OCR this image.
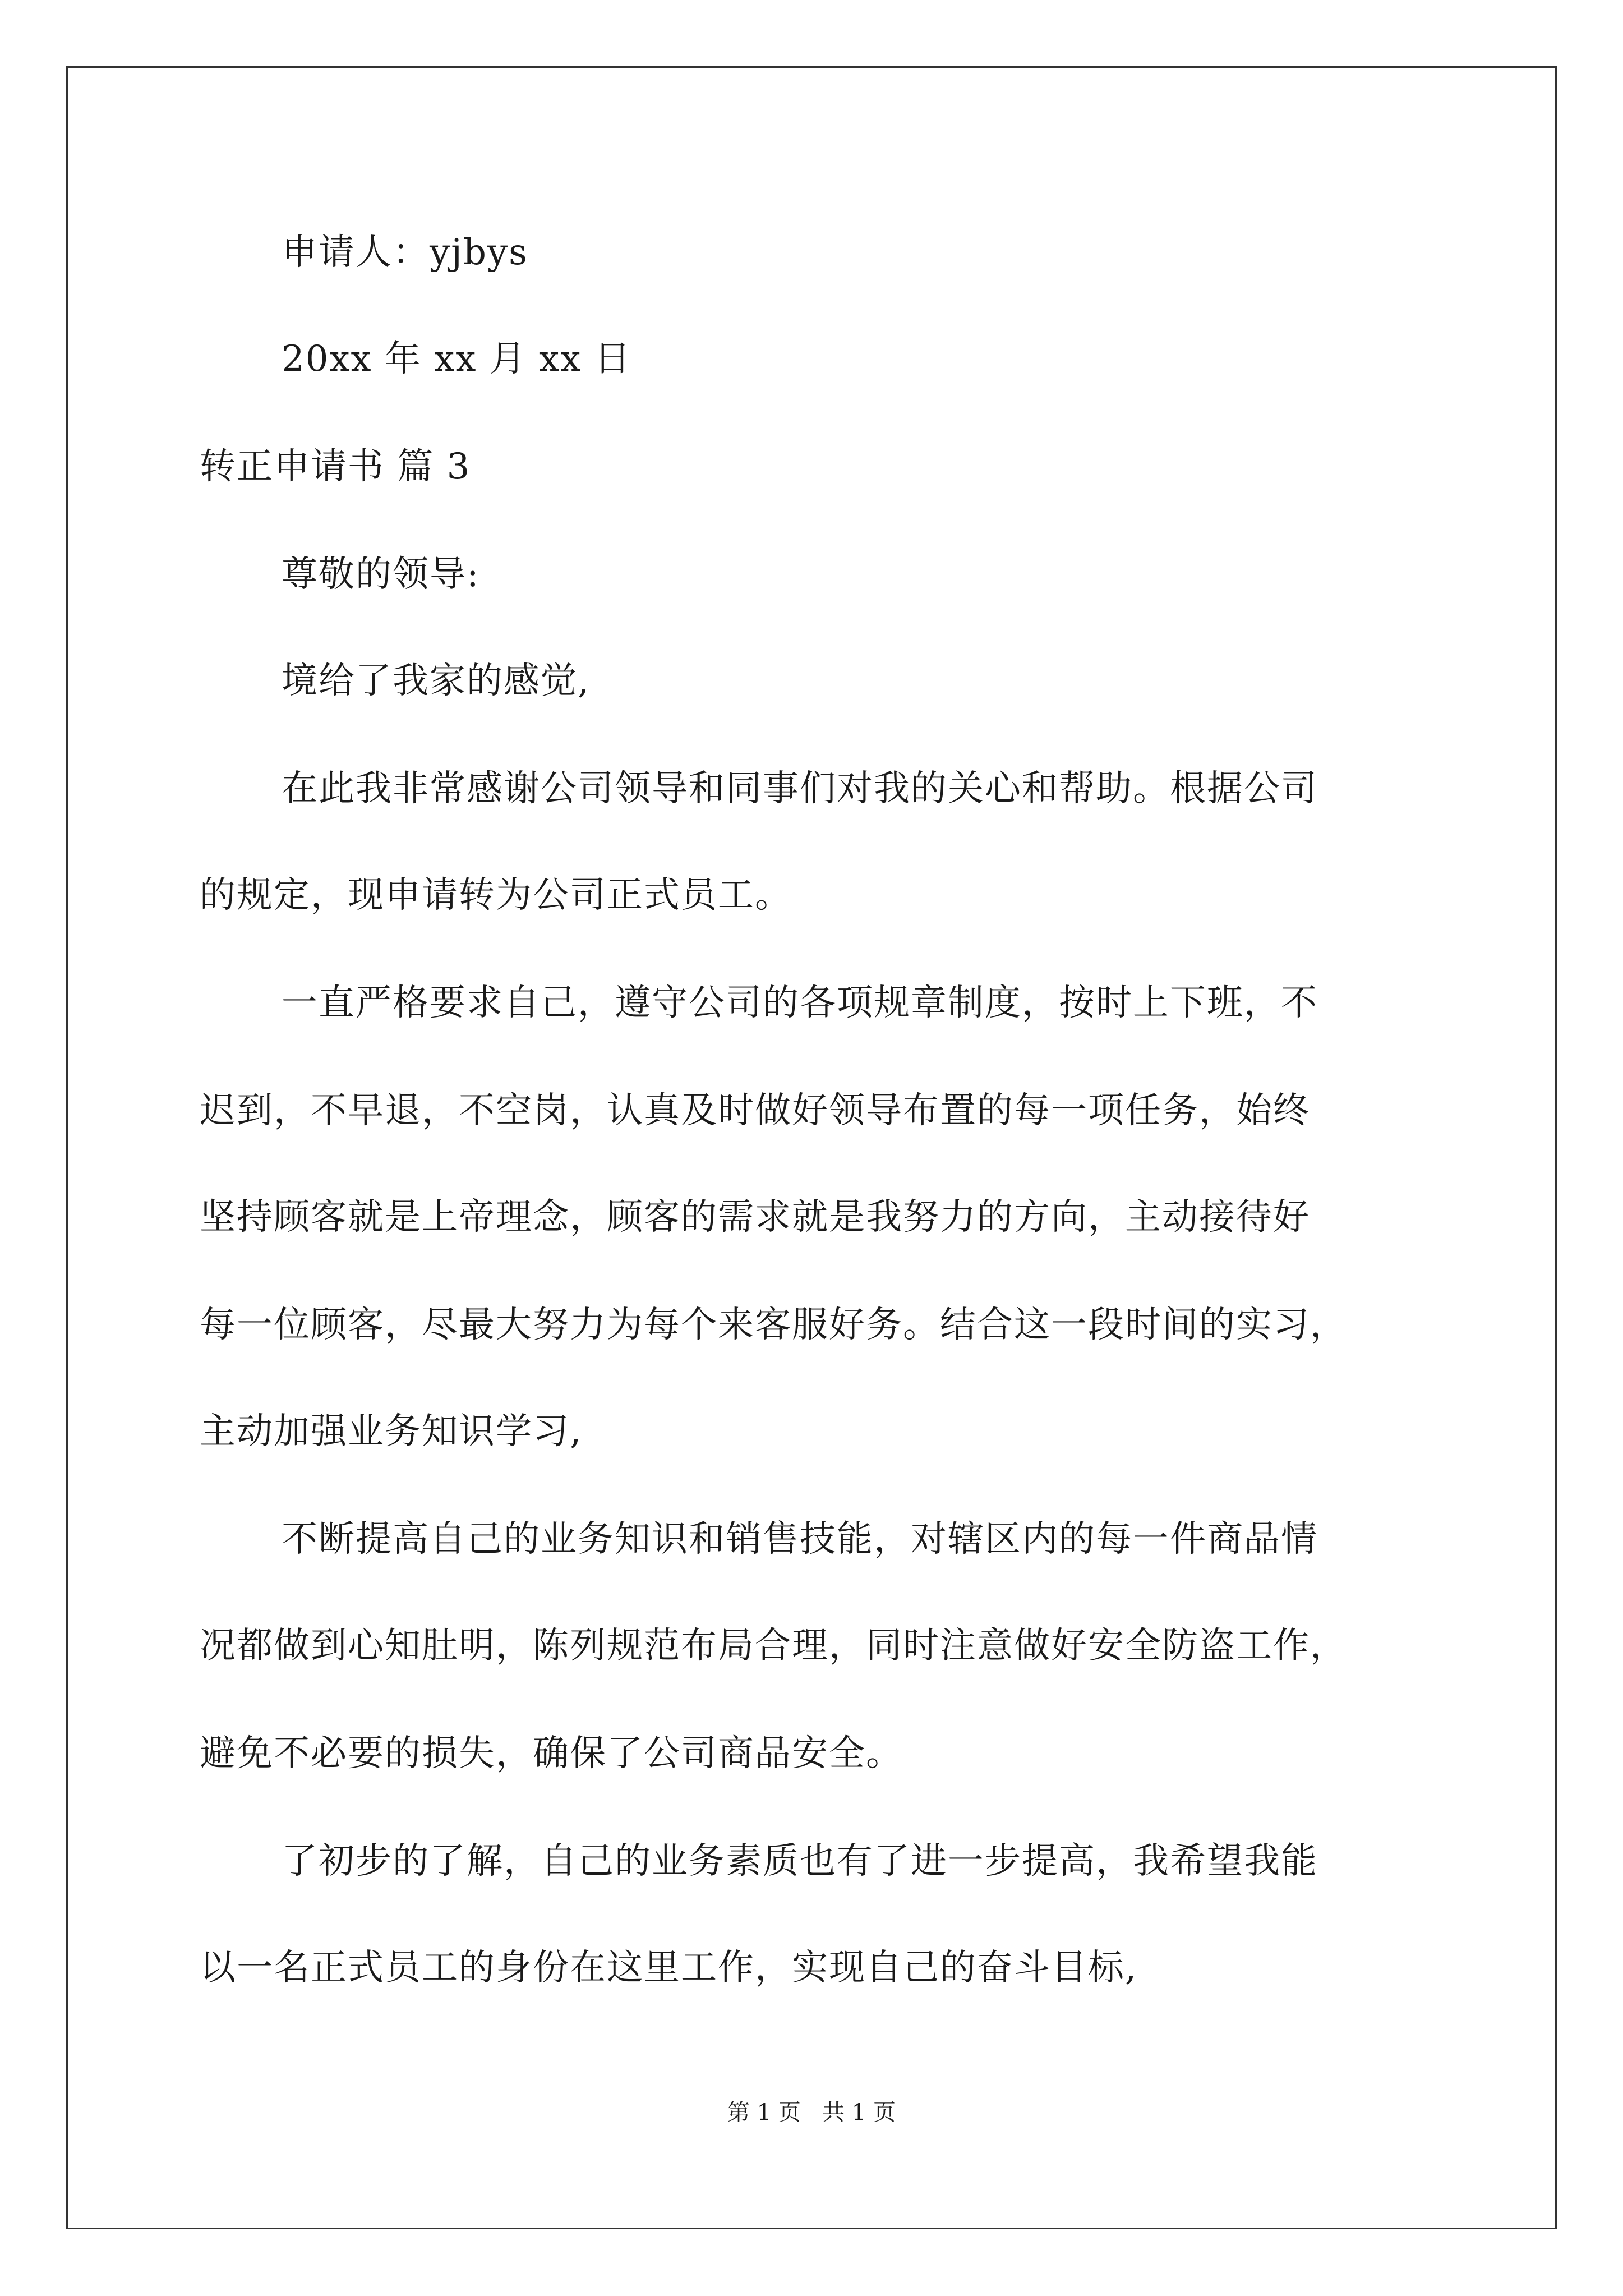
申请人：yjbys
20xx 年 xx 月 xx 日
转正申请书 篇 3
尊敬的领导:
境给了我家的感觉,
在此我非常感谢公司领导和同事们对我的关心和帮助。根据公司
的规定，现申请转为公司正式员工。
一直严格要求自己，遵守公司的各项规章制度，按时上下班，不
迟到，不早退，不空岗，认真及时做好领导布置的每一项任务，始终
坚持顾客就是上帝理念，顾客的需求就是我努力的方向，主动接待好
每一位顾客，尽最大努力为每个来客服好务。结合这一段时间的实习，
主动加强业务知识学习,
不断提高自己的业务知识和销售技能，对辖区内的每一件商品情
况都做到心知肚明，陈列规范布局合理，同时注意做好安全防盗工作，
避免不必要的损失，确保了公司商品安全。
了初步的了解，自己的业务素质也有了进一步提高，我希望我能
以一名正式员工的身份在这里工作，实现自己的奋斗目标,
第 1 页   共 1 页
